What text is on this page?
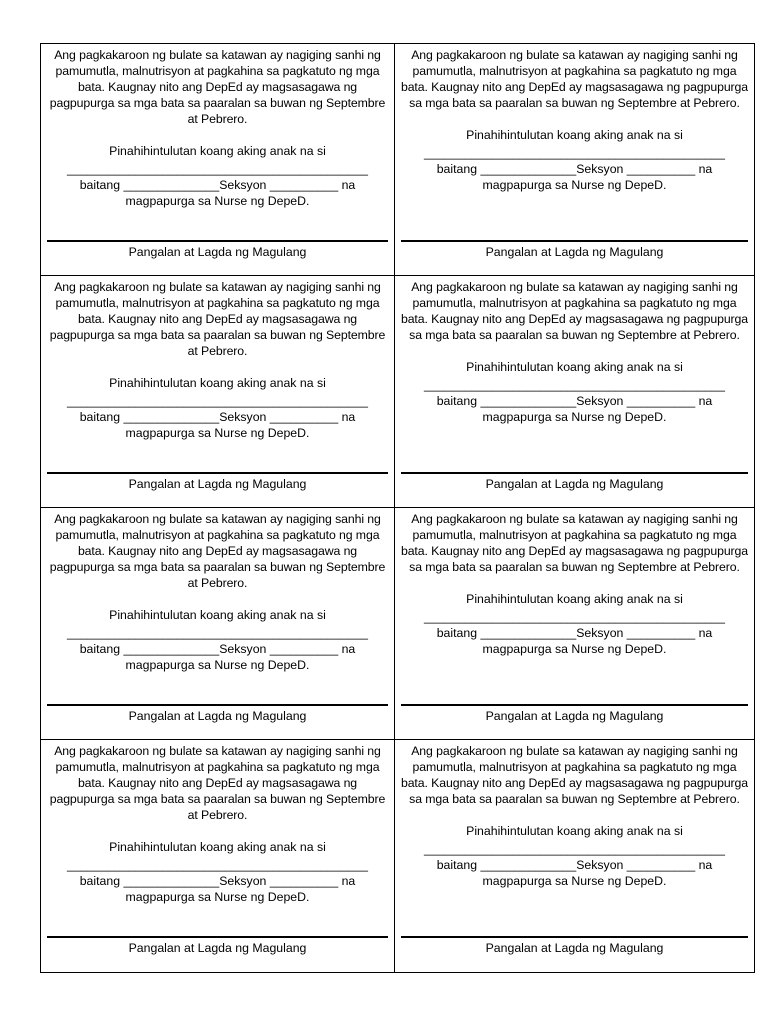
Ang pagkakaroon ng bulate sa katawan ay nagiging sanhi ng pamumutla, malnutrisyon at pagkahina sa pagkatuto ng mga bata. Kaugnay nito ang DepEd ay magsasagawa ng pagpupurga sa mga bata sa paaralan sa buwan ng Septembre at Pebrero.

Pinahihintulutan koang aking anak na si

____________________________________________

baitang ______________Seksyon __________ na

magpapurga sa Nurse ng DepeD.

Pangalan at Lagda ng Magulang

Ang pagkakaroon ng bulate sa katawan ay nagiging sanhi ng pamumutla, malnutrisyon at pagkahina sa pagkatuto ng mga bata. Kaugnay nito ang DepEd ay magsasagawa ng pagpupurga sa mga bata sa paaralan sa buwan ng Septembre at Pebrero.

Pinahihintulutan koang aking anak na si

____________________________________________

baitang ______________Seksyon __________ na

magpapurga sa Nurse ng DepeD.

Pangalan at Lagda ng Magulang

Ang pagkakaroon ng bulate sa katawan ay nagiging sanhi ng pamumutla, malnutrisyon at pagkahina sa pagkatuto ng mga bata. Kaugnay nito ang DepEd ay magsasagawa ng pagpupurga sa mga bata sa paaralan sa buwan ng Septembre at Pebrero.

Pinahihintulutan koang aking anak na si

____________________________________________

baitang ______________Seksyon __________ na

magpapurga sa Nurse ng DepeD.

Pangalan at Lagda ng Magulang

Ang pagkakaroon ng bulate sa katawan ay nagiging sanhi ng pamumutla, malnutrisyon at pagkahina sa pagkatuto ng mga bata. Kaugnay nito ang DepEd ay magsasagawa ng pagpupurga sa mga bata sa paaralan sa buwan ng Septembre at Pebrero.

Pinahihintulutan koang aking anak na si

____________________________________________

baitang ______________Seksyon __________ na

magpapurga sa Nurse ng DepeD.

Pangalan at Lagda ng Magulang

Ang pagkakaroon ng bulate sa katawan ay nagiging sanhi ng pamumutla, malnutrisyon at pagkahina sa pagkatuto ng mga bata. Kaugnay nito ang DepEd ay magsasagawa ng pagpupurga sa mga bata sa paaralan sa buwan ng Septembre at Pebrero.

Pinahihintulutan koang aking anak na si

____________________________________________

baitang ______________Seksyon __________ na

magpapurga sa Nurse ng DepeD.

Pangalan at Lagda ng Magulang

Ang pagkakaroon ng bulate sa katawan ay nagiging sanhi ng pamumutla, malnutrisyon at pagkahina sa pagkatuto ng mga bata. Kaugnay nito ang DepEd ay magsasagawa ng pagpupurga sa mga bata sa paaralan sa buwan ng Septembre at Pebrero.

Pinahihintulutan koang aking anak na si

____________________________________________

baitang ______________Seksyon __________ na

magpapurga sa Nurse ng DepeD.

Pangalan at Lagda ng Magulang

Ang pagkakaroon ng bulate sa katawan ay nagiging sanhi ng pamumutla, malnutrisyon at pagkahina sa pagkatuto ng mga bata. Kaugnay nito ang DepEd ay magsasagawa ng pagpupurga sa mga bata sa paaralan sa buwan ng Septembre at Pebrero.

Pinahihintulutan koang aking anak na si

____________________________________________

baitang ______________Seksyon __________ na

magpapurga sa Nurse ng DepeD.

Pangalan at Lagda ng Magulang

Ang pagkakaroon ng bulate sa katawan ay nagiging sanhi ng pamumutla, malnutrisyon at pagkahina sa pagkatuto ng mga bata. Kaugnay nito ang DepEd ay magsasagawa ng pagpupurga sa mga bata sa paaralan sa buwan ng Septembre at Pebrero.

Pinahihintulutan koang aking anak na si

____________________________________________

baitang ______________Seksyon __________ na

magpapurga sa Nurse ng DepeD.

Pangalan at Lagda ng Magulang
